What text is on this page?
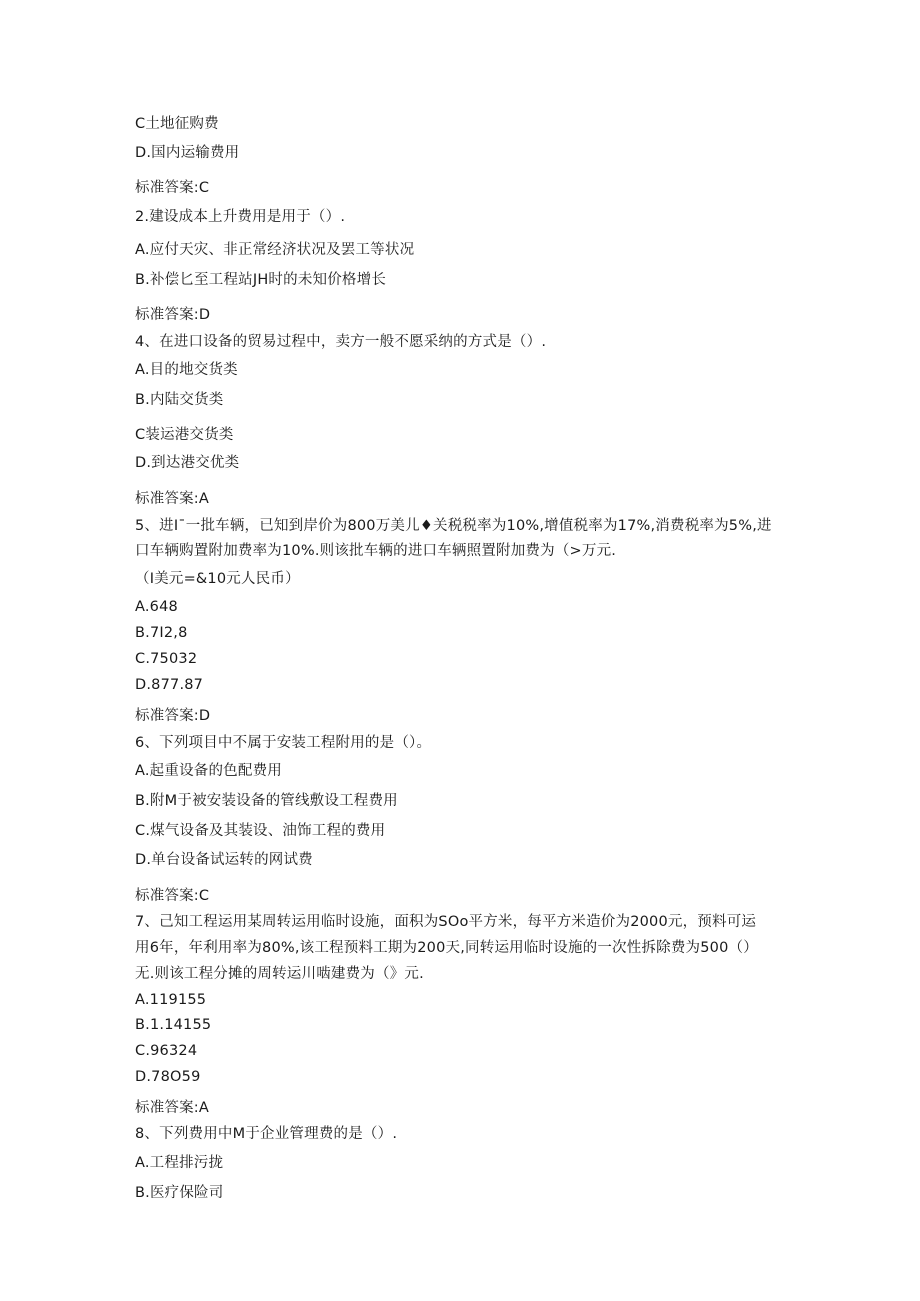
C土地征购费
D.国内运输费用
标准答案:C
2.建设成本上升费用是用于（）.
A.应付天灾、非正常经济状况及罢工等状况
B.补偿匕至工程站JH时的未知价格增长
标准答案:D
4、在进口设备的贸易过程中，卖方一般不愿采纳的方式是（）.
A.目的地交货类
B.内陆交货类
C装运港交货类
D.到达港交优类
标准答案:A
5、进Iˉ一批车辆，已知到岸价为800万美儿♦关税税率为10%,增值税率为17%,消费税率为5%,进
口车辆购置附加费率为10%.则该批车辆的进口车辆照置附加费为（>万元.
（I美元=&10元人民币）
A.648
B.7I2,8
C.75032
D.877.87
标准答案:D
6、下列项目中不属于安装工程附用的是（）。
A.起重设备的色配费用
B.附M于被安装设备的管线敷设工程费用
C.煤气设备及其装设、油饰工程的费用
D.单台设备试运转的网试费
标准答案:C
7、己知工程运用某周转运用临时设施，面积为SOo平方米，每平方米造价为2000元，预料可运
用6年，年利用率为80%,该工程预料工期为200天,同转运用临时设施的一次性拆除费为500（）
无.则该工程分摊的周转运川啮建费为（》元.
A.119155
B.1.14155
C.96324
D.78O59
标准答案:A
8、下列费用中M于企业管理费的是（）.
A.工程排污拢
B.医疗保险司
